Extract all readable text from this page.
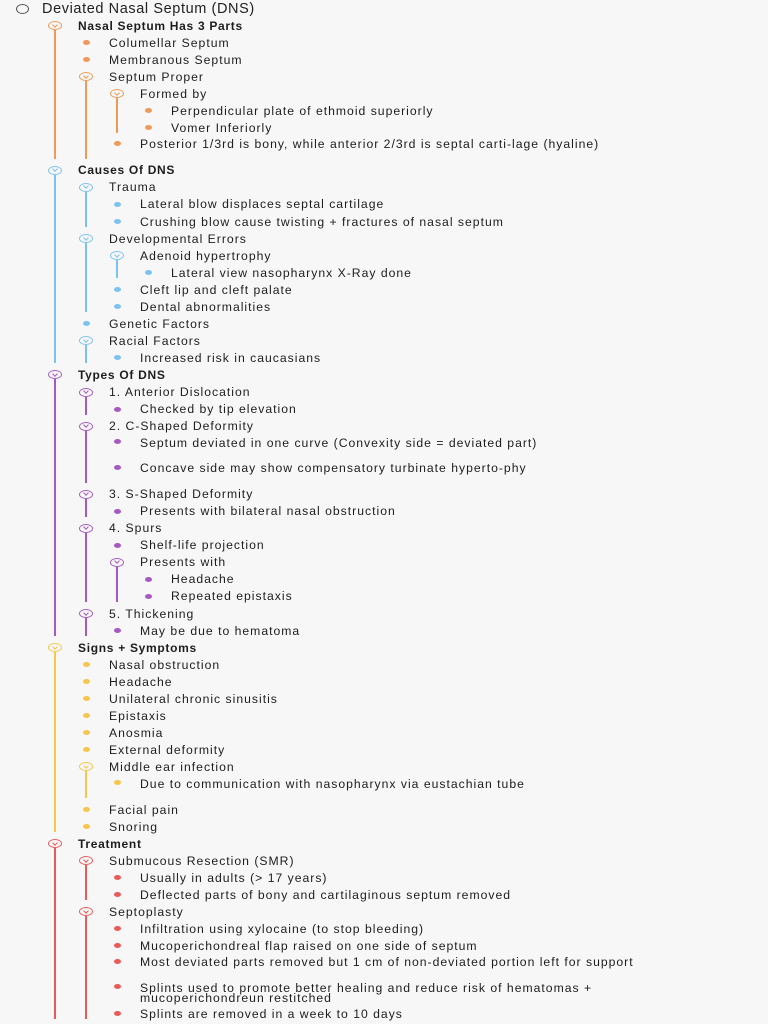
Deviated Nasal Septum (DNS)
Nasal Septum Has 3 Parts
Columellar Septum
Membranous Septum
Septum Proper
Formed by
Perpendicular plate of ethmoid superiorly
Vomer Inferiorly
Posterior 1/3rd is bony, while anterior 2/3rd is septal carti-lage (hyaline)
Causes Of DNS
Trauma
Lateral blow displaces septal cartilage
Crushing blow cause twisting + fractures of nasal septum
Developmental Errors
Adenoid hypertrophy
Lateral view nasopharynx X-Ray done
Cleft lip and cleft palate
Dental abnormalities
Genetic Factors
Racial Factors
Increased risk in caucasians
Types Of DNS
1. Anterior Dislocation
Checked by tip elevation
2. C-Shaped Deformity
Septum deviated in one curve (Convexity side = deviated part)
Concave side may show compensatory turbinate hyperto-phy
3. S-Shaped Deformity
Presents with bilateral nasal obstruction
4. Spurs
Shelf-life projection
Presents with
Headache
Repeated epistaxis
5. Thickening
May be due to hematoma
Signs + Symptoms
Nasal obstruction
Headache
Unilateral chronic sinusitis
Epistaxis
Anosmia
External deformity
Middle ear infection
Due to communication with nasopharynx via eustachian tube
Facial pain
Snoring
Treatment
Submucous Resection (SMR)
Usually in adults (> 17 years)
Deflected parts of bony and cartilaginous septum removed
Septoplasty
Infiltration using xylocaine (to stop bleeding)
Mucoperichondreal flap raised on one side of septum
Most deviated parts removed but 1 cm of non-deviated portion left for support
Splints used to promote better healing and reduce risk of hematomas + mucoperichondreun restitched
Splints are removed in a week to 10 days
